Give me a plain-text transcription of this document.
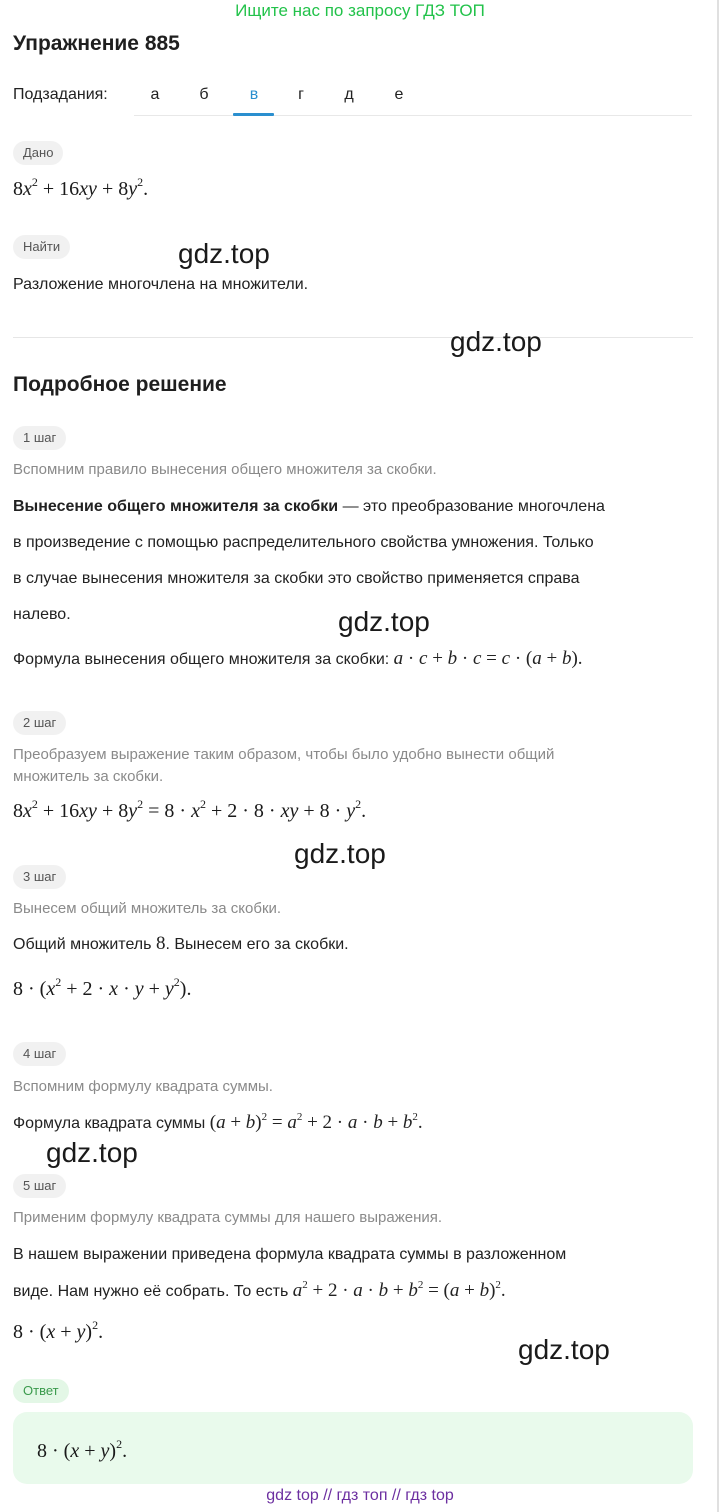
Ищите нас по запросу ГДЗ ТОП
Упражнение 885
Подзадания:	а	б	в	г	д	е
Дано
$8x^2 + 16xy + 8y^2$.
Найти
Разложение многочлена на множители.
Подробное решение
1 шаг
Вспомним правило вынесения общего множителя за скобки.
Вынесение общего множителя за скобки — это преобразование многочлена
в произведение с помощью распределительного свойства умножения. Только
в случае вынесения множителя за скобки это свойство применяется справа
налево.
Формула вынесения общего множителя за скобки: a · c + b · c = c · (a + b).
2 шаг
Преобразуем выражение таким образом, чтобы было удобно вынести общий
множитель за скобки.
$8x^2 + 16xy + 8y^2 = 8 \cdot x^2 + 2 \cdot 8$ · xy + $8 \cdot y^2$.
3 шаг
Вынесем общий множитель за скобки.
Общий множитель 8. Вынесем его за скобки.
$8 \cdot (x^2 + 2 \cdot x \cdot y + y^2)$.
4 шаг
Вспомним формулу квадрата суммы.
Формула квадрата суммы $(a + b)^2 = a^2 + 2 \cdot a \cdot b + b^2$.
5 шаг
Применим формулу квадрата суммы для нашего выражения.
В нашем выражении приведена формула квадрата суммы в разложенном
виде. Нам нужно её собрать. То есть $a^2 + 2 \cdot a \cdot b + b^2 = (a + b)^2$.
$8 \cdot (x + y)^2$.
Ответ
$8 \cdot (x + y)^2$.
gdz.top
gdz.top
gdz.top
gdz.top
gdz.top
gdz.top
gdz top // гдз топ // гдз top
